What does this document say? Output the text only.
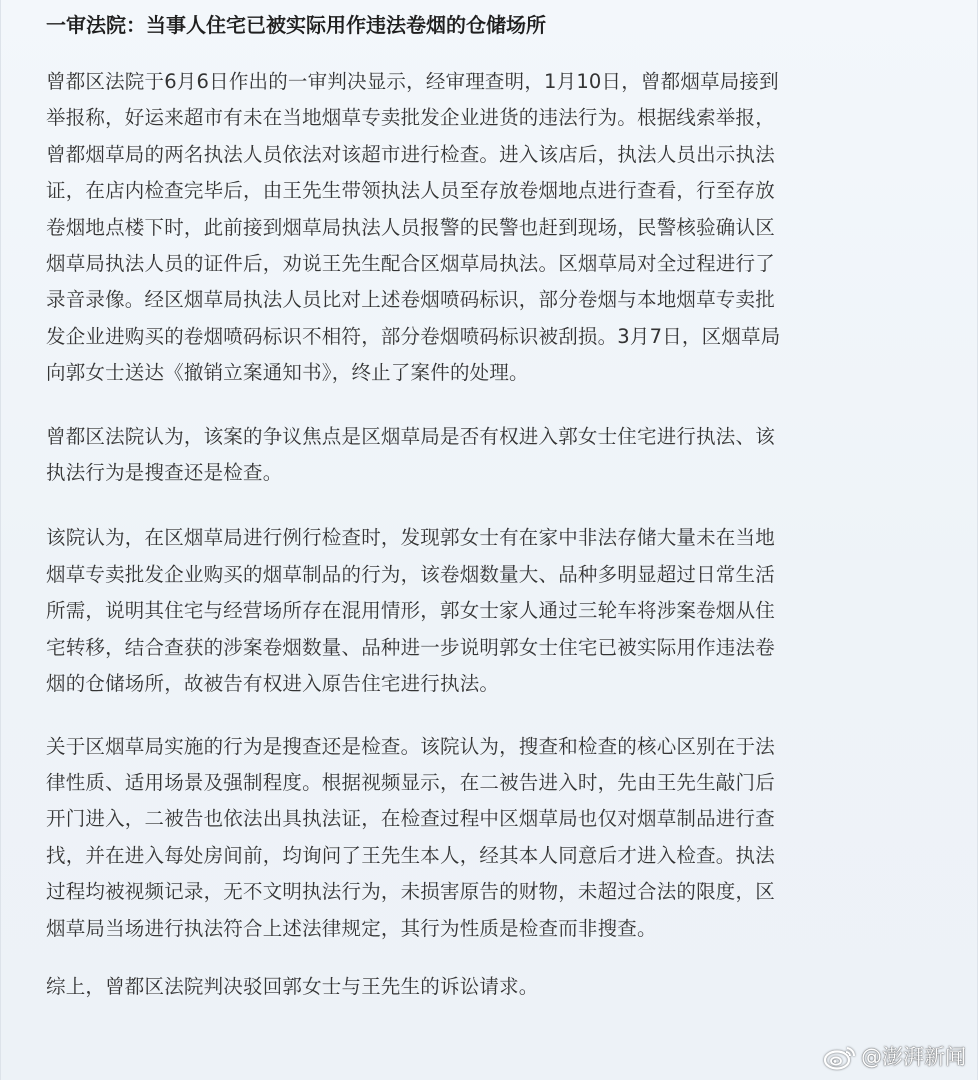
一审法院：当事人住宅已被实际用作违法卷烟的仓储场所

曾都区法院于6月6日作出的一审判决显示，经审理查明，1月10日，曾都烟草局接到
举报称，好运来超市有未在当地烟草专卖批发企业进货的违法行为。根据线索举报，
曾都烟草局的两名执法人员依法对该超市进行检查。进入该店后，执法人员出示执法
证，在店内检查完毕后，由王先生带领执法人员至存放卷烟地点进行查看，行至存放
卷烟地点楼下时，此前接到烟草局执法人员报警的民警也赶到现场，民警核验确认区
烟草局执法人员的证件后，劝说王先生配合区烟草局执法。区烟草局对全过程进行了
录音录像。经区烟草局执法人员比对上述卷烟喷码标识，部分卷烟与本地烟草专卖批
发企业进购买的卷烟喷码标识不相符，部分卷烟喷码标识被刮损。3月7日，区烟草局
向郭女士送达《撤销立案通知书》，终止了案件的处理。

曾都区法院认为，该案的争议焦点是区烟草局是否有权进入郭女士住宅进行执法、该
执法行为是搜查还是检查。

该院认为，在区烟草局进行例行检查时，发现郭女士有在家中非法存储大量未在当地
烟草专卖批发企业购买的烟草制品的行为，该卷烟数量大、品种多明显超过日常生活
所需，说明其住宅与经营场所存在混用情形，郭女士家人通过三轮车将涉案卷烟从住
宅转移，结合查获的涉案卷烟数量、品种进一步说明郭女士住宅已被实际用作违法卷
烟的仓储场所，故被告有权进入原告住宅进行执法。

关于区烟草局实施的行为是搜查还是检查。该院认为，搜查和检查的核心区别在于法
律性质、适用场景及强制程度。根据视频显示，在二被告进入时，先由王先生敲门后
开门进入，二被告也依法出具执法证，在检查过程中区烟草局也仅对烟草制品进行查
找，并在进入每处房间前，均询问了王先生本人，经其本人同意后才进入检查。执法
过程均被视频记录，无不文明执法行为，未损害原告的财物，未超过合法的限度，区
烟草局当场进行执法符合上述法律规定，其行为性质是检查而非搜查。

综上，曾都区法院判决驳回郭女士与王先生的诉讼请求。

@澎湃新闻
